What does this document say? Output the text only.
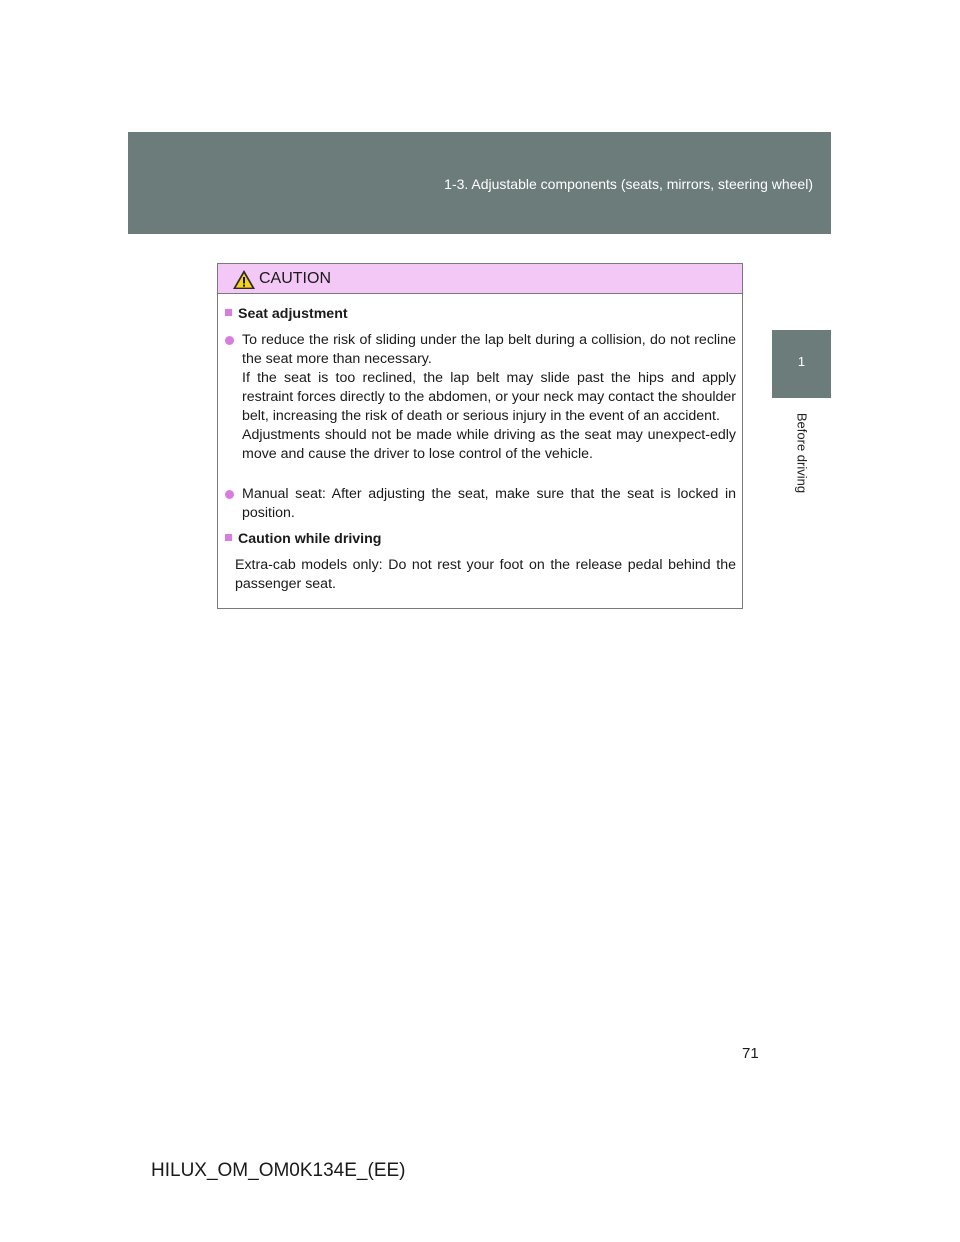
1-3. Adjustable components (seats, mirrors, steering wheel)
1
Before driving
CAUTION
Seat adjustment
To reduce the risk of sliding under the lap belt during a collision, do not recline the seat more than necessary.
If the seat is too reclined, the lap belt may slide past the hips and apply restraint forces directly to the abdomen, or your neck may contact the shoulder belt, increasing the risk of death or serious injury in the event of an accident.
Adjustments should not be made while driving as the seat may unexpect-edly move and cause the driver to lose control of the vehicle.
Manual seat: After adjusting the seat, make sure that the seat is locked in position.
Caution while driving
Extra-cab models only: Do not rest your foot on the release pedal behind the passenger seat.
71
HILUX_OM_OM0K134E_(EE)
